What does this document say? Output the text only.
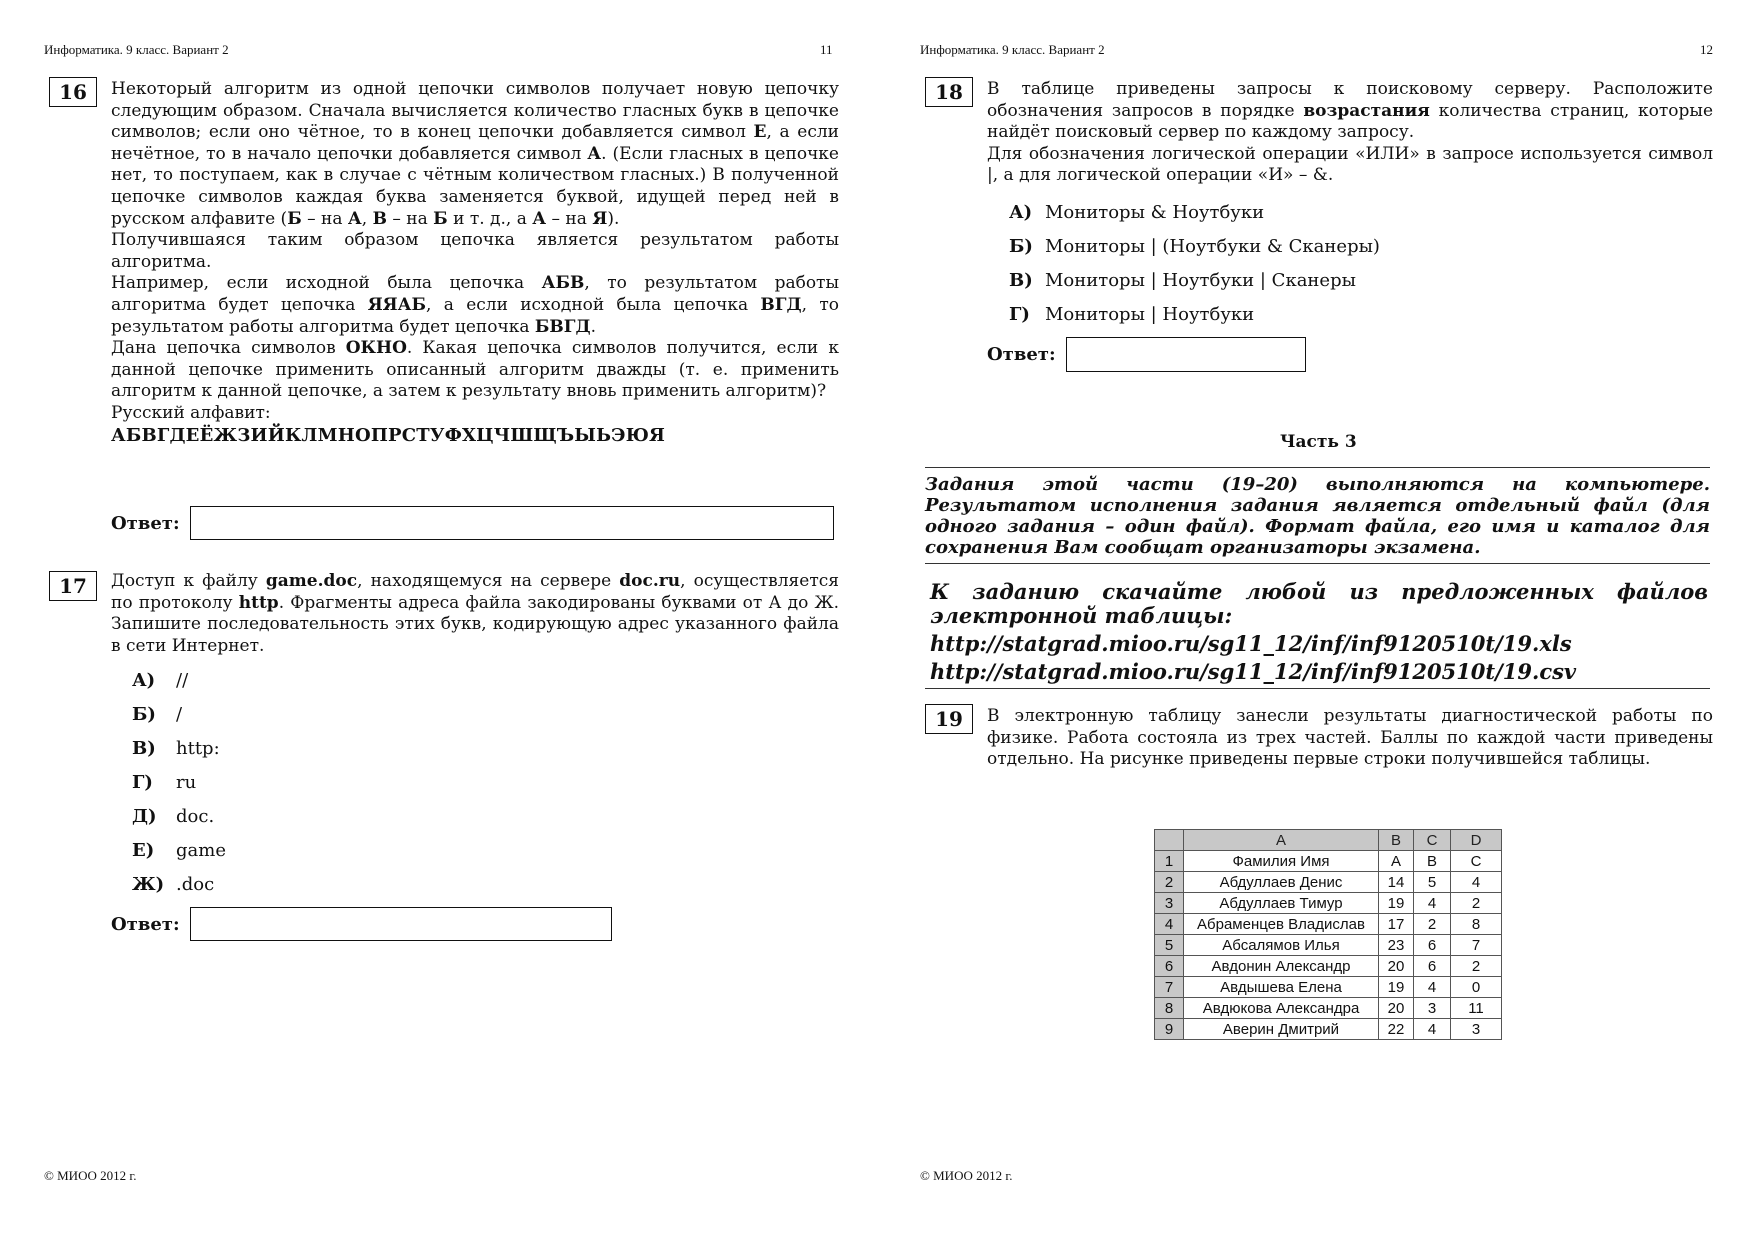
Информатика. 9 класс. Вариант 2	11
16	Некоторый алгоритм из одной цепочки символов получает новую цепочку следующим образом. Сначала вычисляется количество гласных букв в цепочке символов; если оно чётное, то в конец цепочки добавляется символ Е, а если нечётное, то в начало цепочки добавляется символ А. (Если гласных в цепочке нет, то поступаем, как в случае с чётным количеством гласных.) В полученной цепочке символов каждая буква заменяется буквой, идущей перед ней в русском алфавите (Б – на А, В – на Б и т. д., а А – на Я).

Получившаяся таким образом цепочка является результатом работы алгоритма.

Например, если исходной была цепочка АБВ, то результатом работы алгоритма будет цепочка ЯЯАБ, а если исходной была цепочка ВГД, то результатом работы алгоритма будет цепочка БВГД.

Дана цепочка символов ОКНО. Какая цепочка символов получится, если к данной цепочке применить описанный алгоритм дважды (т. е. применить алгоритм к данной цепочке, а затем к результату вновь применить алгоритм)?

Русский алфавит:

АБВГДЕЁЖЗИЙКЛМНОПРСТУФХЦЧШЩЪЫЬЭЮЯ

Ответ:
17	Доступ к файлу game.doc, находящемуся на сервере doc.ru, осуществляется по протоколу http. Фрагменты адреса файла закодированы буквами от А до Ж. Запишите последовательность этих букв, кодирующую адрес указанного файла в сети Интернет.

А)	//
Б)	/
В)	http:
Г)	ru
Д)	doc.
Е)	game
Ж) .doc
Ответ:
© МИОО 2012 г.
Информатика. 9 класс. Вариант 2	12
18	В таблице приведены запросы к поисковому серверу. Расположите обозначения запросов в порядке возрастания количества страниц, которые найдёт поисковый сервер по каждому запросу.

Для обозначения логической операции «ИЛИ» в запросе используется символ |, а для логической операции «И» – &.

А) Мониторы & Ноутбуки
Б) Мониторы | (Ноутбуки & Сканеры)
В) Мониторы | Ноутбуки | Сканеры
Г) Мониторы | Ноутбуки
Ответ:
Часть 3
Задания этой части (19–20) выполняются на компьютере. Результатом исполнения задания является отдельный файл (для одного задания – один файл). Формат файла, его имя и каталог для сохранения Вам сообщат организаторы экзамена.
К заданию скачайте любой из предложенных файлов электронной таблицы:
http://statgrad.mioo.ru/sg11_12/inf/inf9120510t/19.xls
http://statgrad.mioo.ru/sg11_12/inf/inf9120510t/19.csv
19	В электронную таблицу занесли результаты диагностической работы по физике. Работа состояла из трех частей. Баллы по каждой части приведены отдельно. На рисунке приведены первые строки получившейся таблицы.
	A	B	C	D
1	Фамилия Имя	A	B	C
2	Абдуллаев Денис	14	5	4
3	Абдуллаев Тимур	19	4	2
4	Абраменцев Владислав	17	2	8
5	Абсалямов Илья	23	6	7
6	Авдонин Александр	20	6	2
7	Авдышева Елена	19	4	0
8	Авдюкова Александра	20	3	11
9	Аверин Дмитрий	22	4	3
© МИОО 2012 г.
